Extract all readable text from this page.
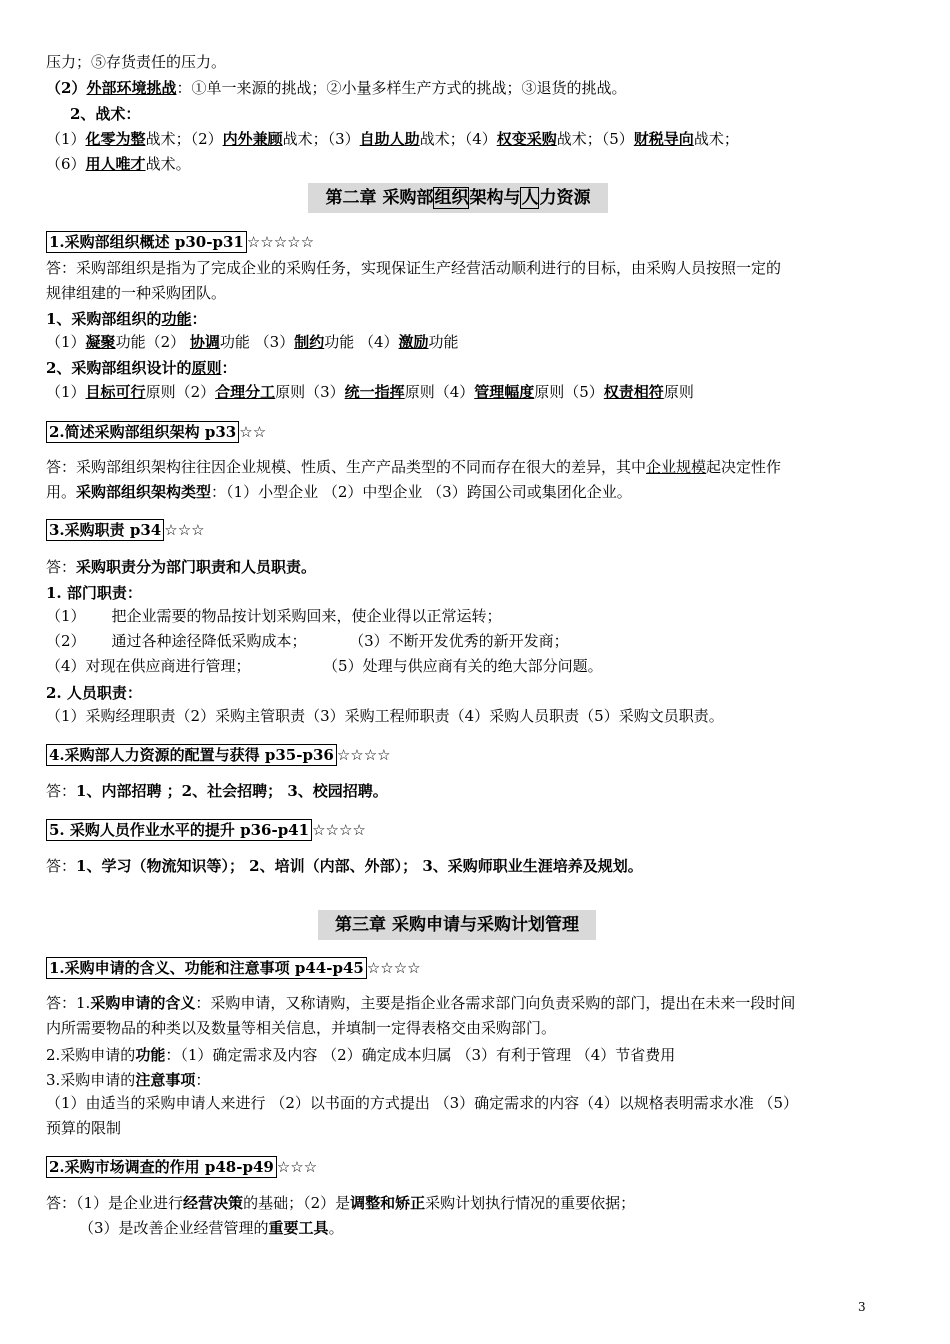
压力；⑤存货责任的压力。
（2）外部环境挑战：①单一来源的挑战；②小量多样生产方式的挑战；③退货的挑战。
2、战术：
（1）化零为整战术；（2）内外兼顾战术；（3）自助人助战术；（4）权变采购战术；（5）财税导向战术；
（6）用人唯才战术。
第二章 采购部组织架构与人力资源
1.采购部组织概述 p30-p31 ☆☆☆☆☆
答：采购部组织是指为了完成企业的采购任务，实现保证生产经营活动顺利进行的目标，由采购人员按照一定的
规律组建的一种采购团队。
1、采购部组织的功能：
（1）凝聚功能（2） 协调功能 （3）制约功能 （4）激励功能
2、采购部组织设计的原则：
（1）目标可行原则（2）合理分工原则（3）统一指挥原则（4）管理幅度原则（5）权责相符原则
2.简述采购部组织架构 p33 ☆☆
答：采购部组织架构往往因企业规模、性质、生产产品类型的不同而存在很大的差异，其中企业规模起决定性作
用。采购部组织架构类型：（1）小型企业 （2）中型企业 （3）跨国公司或集团化企业。
3.采购职责 p34 ☆☆☆
答：采购职责分为部门职责和人员职责。
1. 部门职责：
（1） 把企业需要的物品按计划采购回来，使企业得以正常运转；
（2） 通过各种途径降低采购成本；	（3）不断开发优秀的新开发商；
（4）对现在供应商进行管理；	（5）处理与供应商有关的绝大部分问题。
2. 人员职责：
（1）采购经理职责（2）采购主管职责（3）采购工程师职责（4）采购人员职责（5）采购文员职责。
4.采购部人力资源的配置与获得 p35-p36 ☆☆☆☆
答：1、内部招聘 ；2、社会招聘； 3、校园招聘。
5. 采购人员作业水平的提升 p36-p41 ☆☆☆☆
答：1、学习（物流知识等）； 2、培训（内部、外部）； 3、采购师职业生涯培养及规划。
第三章 采购申请与采购计划管理
1.采购申请的含义、功能和注意事项 p44-p45 ☆☆☆☆
答：1.采购申请的含义：采购申请，又称请购，主要是指企业各需求部门向负责采购的部门，提出在未来一段时间
内所需要物品的种类以及数量等相关信息，并填制一定得表格交由采购部门。
2.采购申请的功能：（1）确定需求及内容 （2）确定成本归属 （3）有利于管理 （4）节省费用
3.采购申请的注意事项：
（1）由适当的采购申请人来进行 （2）以书面的方式提出 （3）确定需求的内容（4）以规格表明需求水准 （5）
预算的限制
2.采购市场调查的作用 p48-p49 ☆☆☆
答：（1）是企业进行经营决策的基础；（2）是调整和矫正采购计划执行情况的重要依据；
（3）是改善企业经营管理的重要工具。
3
